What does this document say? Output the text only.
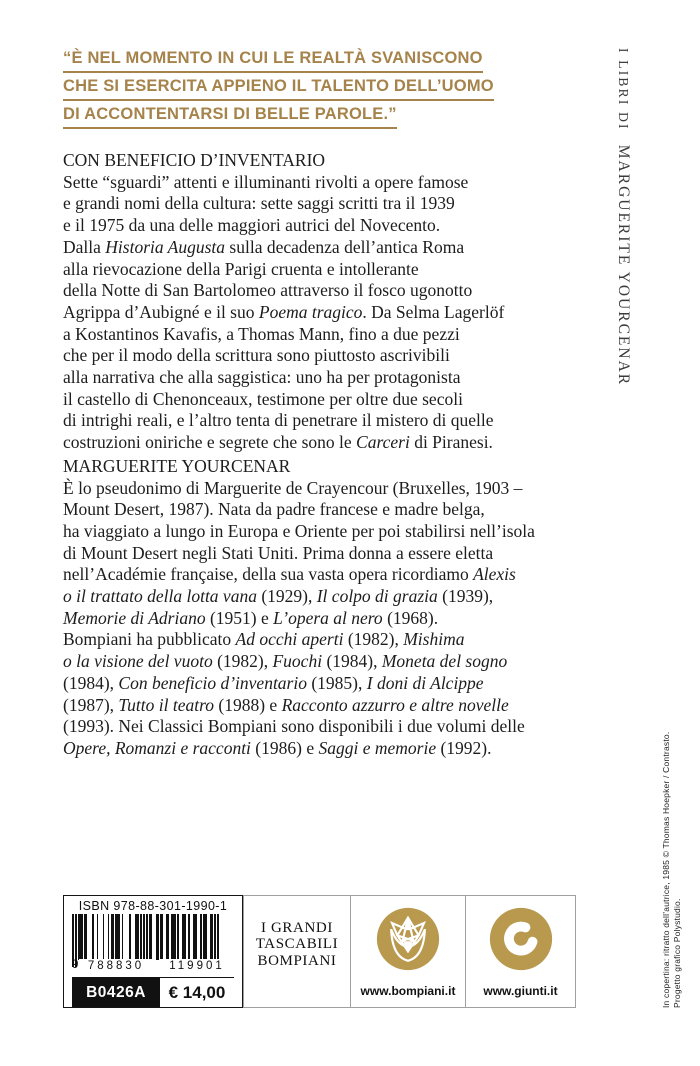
“È NEL MOMENTO IN CUI LE REALTÀ SVANISCONO
CHE SI ESERCITA APPIENO IL TALENTO DELL’UOMO
DI ACCONTENTARSI DI BELLE PAROLE.”	I LIBRI DIMARGUERITE YOURCENAR
CON BENEFICIO D’INVENTARIO
Sette “sguardi” attenti e illuminanti rivolti a opere famose
e grandi nomi della cultura: sette saggi scritti tra il 1939
e il 1975 da una delle maggiori autrici del Novecento.
Dalla Historia Augusta sulla decadenza dell’antica Roma
alla rievocazione della Parigi cruenta e intollerante
della Notte di San Bartolomeo attraverso il fosco ugonotto
Agrippa d’Aubigné e il suo Poema tragico. Da Selma Lagerlöf
a Kostantinos Kavafis, a Thomas Mann, fino a due pezzi
che per il modo della scrittura sono piuttosto ascrivibili
alla narrativa che alla saggistica: uno ha per protagonista
il castello di Chenonceaux, testimone per oltre due secoli
di intrighi reali, e l’altro tenta di penetrare il mistero di quelle
costruzioni oniriche e segrete che sono le Carceri di Piranesi.
MARGUERITE YOURCENAR
È lo pseudonimo di Marguerite de Crayencour (Bruxelles, 1903 –
Mount Desert, 1987). Nata da padre francese e madre belga,
ha viaggiato a lungo in Europa e Oriente per poi stabilirsi nell’isola
di Mount Desert negli Stati Uniti. Prima donna a essere eletta
nell’Académie française, della sua vasta opera ricordiamo Alexis
o il trattato della lotta vana (1929), Il colpo di grazia (1939),
Memorie di Adriano (1951) e L’opera al nero (1968).
Bompiani ha pubblicato Ad occhi aperti (1982), Mishima
o la visione del vuoto (1982), Fuochi (1984), Moneta del sogno
(1984), Con beneficio d’inventario (1985), I doni di Alcippe
(1987), Tutto il teatro (1988) e Racconto azzurro e altre novelle
(1993). Nei Classici Bompiani sono disponibili i due volumi delle
Opere, Romanzi e racconti (1986) e Saggi e memorie (1992).	In copertina: ritratto dell’autrice, 1985 © Thomas Hoepker / Contrasto. Progetto grafico Polystudio.
ISBN 978-88-301-1990-1
9 788830	119901
B0426A	€ 14,00
I GRANDI
TASCABILI
BOMPIANI
www.bompiani.it www.giunti.it
